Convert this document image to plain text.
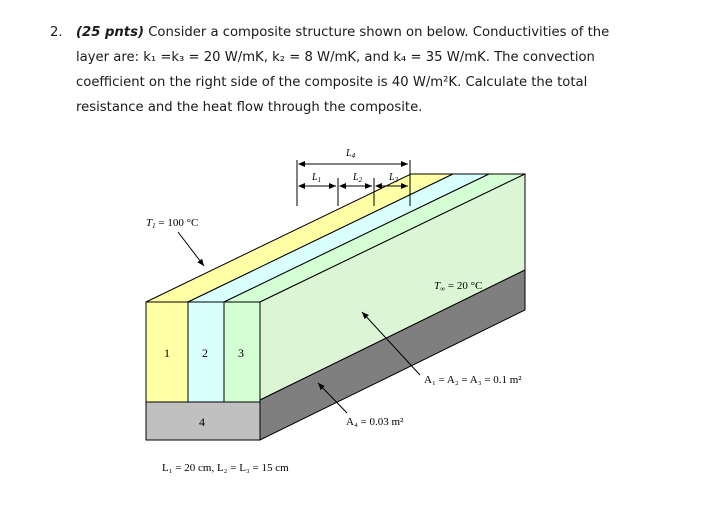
2. (25 pnts) Consider a composite structure shown on below. Conductivities of the

layer are: k₁ =k₃ = 20 W/mK, k₂ = 8 W/mK, and k₄ = 35 W/mK. The convection

coefficient on the right side of the composite is 40 W/m²K. Calculate the total

resistance and the heat flow through the composite.

1	2	3
4
$L_4$
$L_1$	$L_2$	$L_3$
T1 = 100 °C
T∞ = 20 °C
A₁ = A₂ = A₃ = 0.1 m²
A₄ = 0.03 m²
L₁ = 20 cm, L₂ = L₃ = 15 cm
